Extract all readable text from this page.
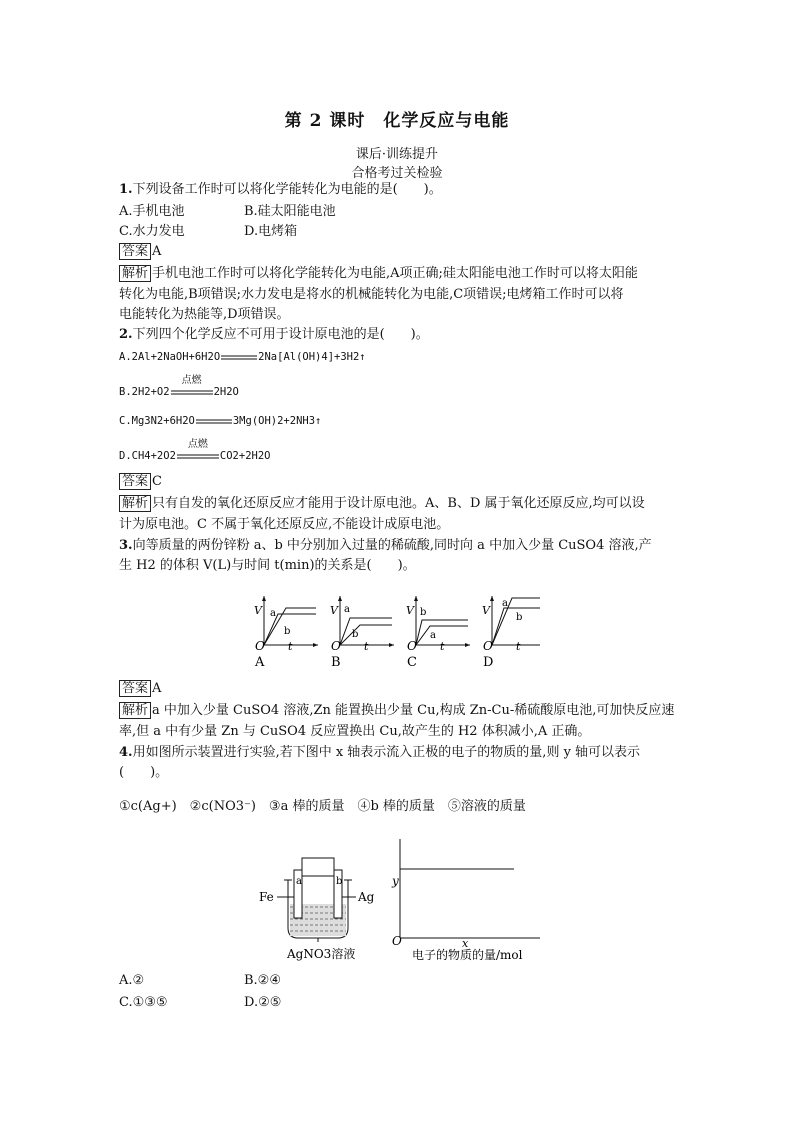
第 2 课时　化学反应与电能
课后·训练提升
合格考过关检验
1.下列设备工作时可以将化学能转化为电能的是(　　)。
A.手机电池	B.硅太阳能电池
C.水力发电	D.电烤箱
答案 A
解析 手机电池工作时可以将化学能转化为电能,A项正确;硅太阳能电池工作时可以将太阳能
转化为电能,B项错误;水力发电是将水的机械能转化为电能,C项错误;电烤箱工作时可以将
电能转化为热能等,D项错误。
2.下列四个化学反应不可用于设计原电池的是(　　)。
A.2Al+2NaOH+6H2O	2Na[Al(OH)4]+3H2↑
B.2H2+O2
点燃
2H2O
C.Mg3N2+6H2O	3Mg(OH)2+2NH3↑
D.CH4+2O2
点燃
CO2+2H2O
答案 C
解析 只有自发的氧化还原反应才能用于设计原电池。A、B、D 属于氧化还原反应,均可以设
计为原电池。C 不属于氧化还原反应,不能设计成原电池。
3.向等质量的两份锌粉 a、b 中分别加入过量的稀硫酸,同时向 a 中加入少量 CuSO4 溶液,产
生 H2 的体积 V(L)与时间 t(min)的关系是(　　)。
V a
b
O t
A
V a
b
O t
B
V b
a
O t
C
V
a
b
O t
D
答案 A
解析 a 中加入少量 CuSO4 溶液,Zn 能置换出少量 Cu,构成 Zn-Cu-稀硫酸原电池,可加快反应速
率,但 a 中有少量 Zn 与 CuSO4 反应置换出 Cu,故产生的 H2 体积减小,A 正确。
4.用如图所示装置进行实验,若下图中 x 轴表示流入正极的电子的物质的量,则 y 轴可以表示
(　　)。
①c(Ag+)　②c(NO3⁻)　③a 棒的质量　④b 棒的质量　⑤溶液的质量
a	b
Fe	Ag
AgNO3溶液
y
O	x
电子的物质的量/mol
A.②	B.②④
C.①③⑤	D.②⑤
